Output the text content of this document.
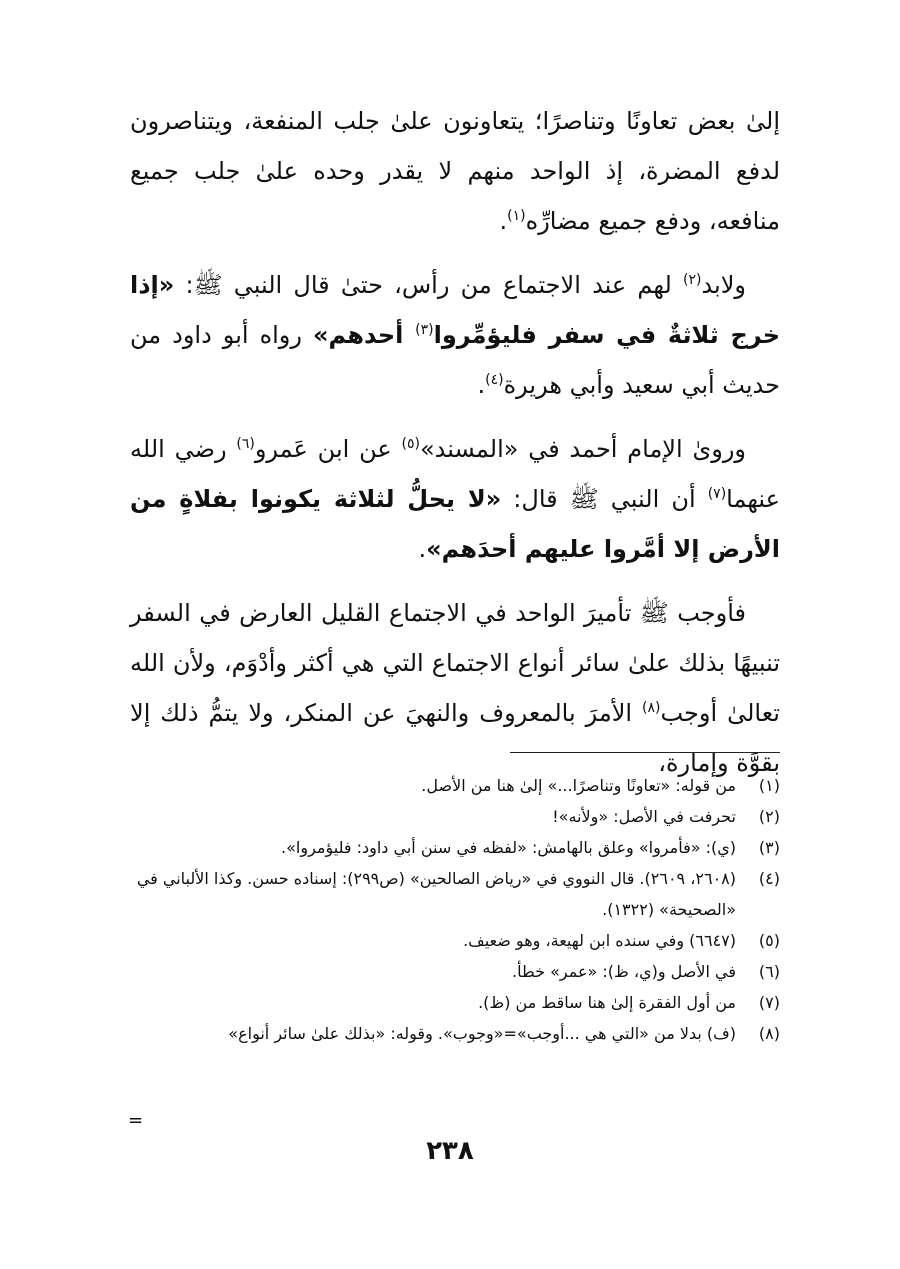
إلىٰ بعض تعاونًا وتناصرًا؛ يتعاونون علىٰ جلب المنفعة، ويتناصرون لدفع المضرة، إذ الواحد منهم لا يقدر وحده علىٰ جلب جميع منافعه، ودفع جميع مضارِّه$^{(١)}$.

ولابد$^{(٢)}$ لهم عند الاجتماع من رأس، حتىٰ قال النبي ﷺ: «إذا خرج ثلاثةٌ في سفر فليؤمِّروا$^{(٣)}$ أحدهم» رواه أبو داود من حديث أبي سعيد وأبي هريرة$^{(٤)}$.

وروىٰ الإمام أحمد في «المسند»$^{(٥)}$ عن ابن عَمرو$^{(٦)}$ رضي الله عنهما$^{(٧)}$ أن النبي ﷺ قال: «لا يحلُّ لثلاثة يكونوا بفلاةٍ من الأرض إلا أمَّروا عليهم أحدَهم».

فأوجب ﷺ تأميرَ الواحد في الاجتماع القليل العارض في السفر تنبيهًا بذلك علىٰ سائر أنواع الاجتماع التي هي أكثر وأدْوَم، ولأن الله تعالىٰ أوجب$^{(٨)}$ الأمرَ بالمعروف والنهيَ عن المنكر، ولا يتمُّ ذلك إلا بقوَّة وإمارة،

(١)
من قوله: «تعاونًا وتناصرًا...» إلىٰ هنا من الأصل.
(٢)
تحرفت في الأصل: «ولأنه»!
(٣)
(ي): «فأمروا» وعلق بالهامش: «لفظه في سنن أبي داود: فليؤمروا».
(٤)
(٢٦٠٨، ٢٦٠٩). قال النووي في «رياض الصالحين» (ص٢٩٩): إسناده حسن. وكذا الألباني في «الصحيحة» (١٣٢٢).
(٥)
(٦٦٤٧) وفي سنده ابن لهيعة، وهو ضعيف.
(٦)
في الأصل و(ي، ظ): «عمر» خطأ.
(٧)
من أول الفقرة إلىٰ هنا ساقط من (ظ).
(٨)
(ف) بدلا من «التي هي ...أوجب»=«وجوب». وقوله: «بذلك علىٰ سائر أنواع»
=
٢٣٨
